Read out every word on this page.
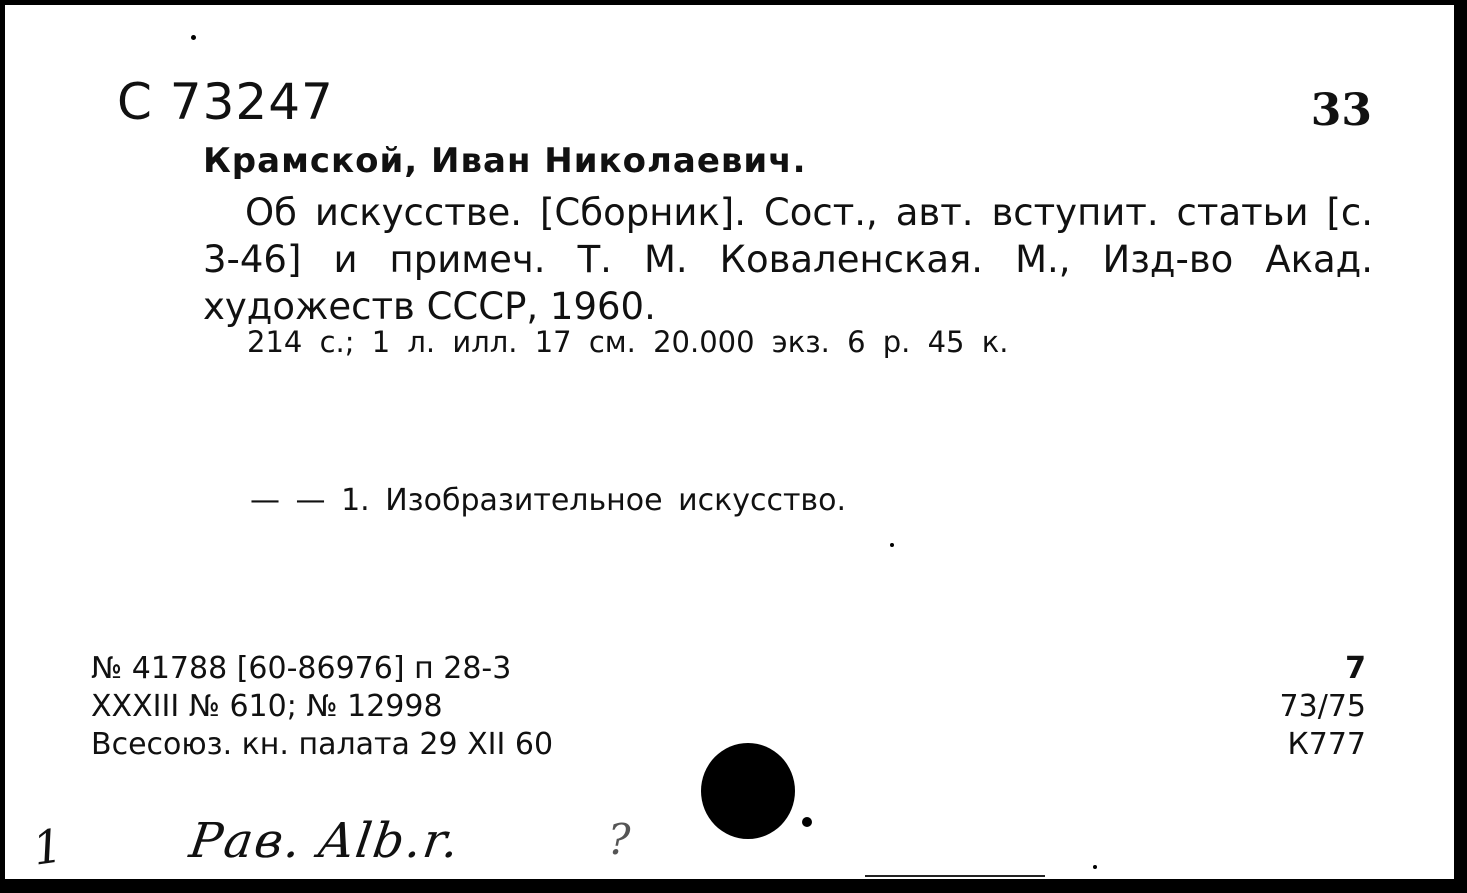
С 73247	33
Крамской, Иван Николаевич.
Об искусстве. [Сборник]. Сост., авт. вступит. статьи [с. 3-46] и примеч. Т. М. Коваленская. М., Изд-во Акад. художеств СССР, 1960.
214 с.; 1 л. илл. 17 см. 20.000 экз. 6 р. 45 к.
— — 1. Изобразительное искусство.
№ 41788 [60-86976] п 28-3
XXXIII № 610; № 12998
Всесоюз. кн. палата 29 XII 60
7
73/75
К777
1	Рав. Alb.r.	?
